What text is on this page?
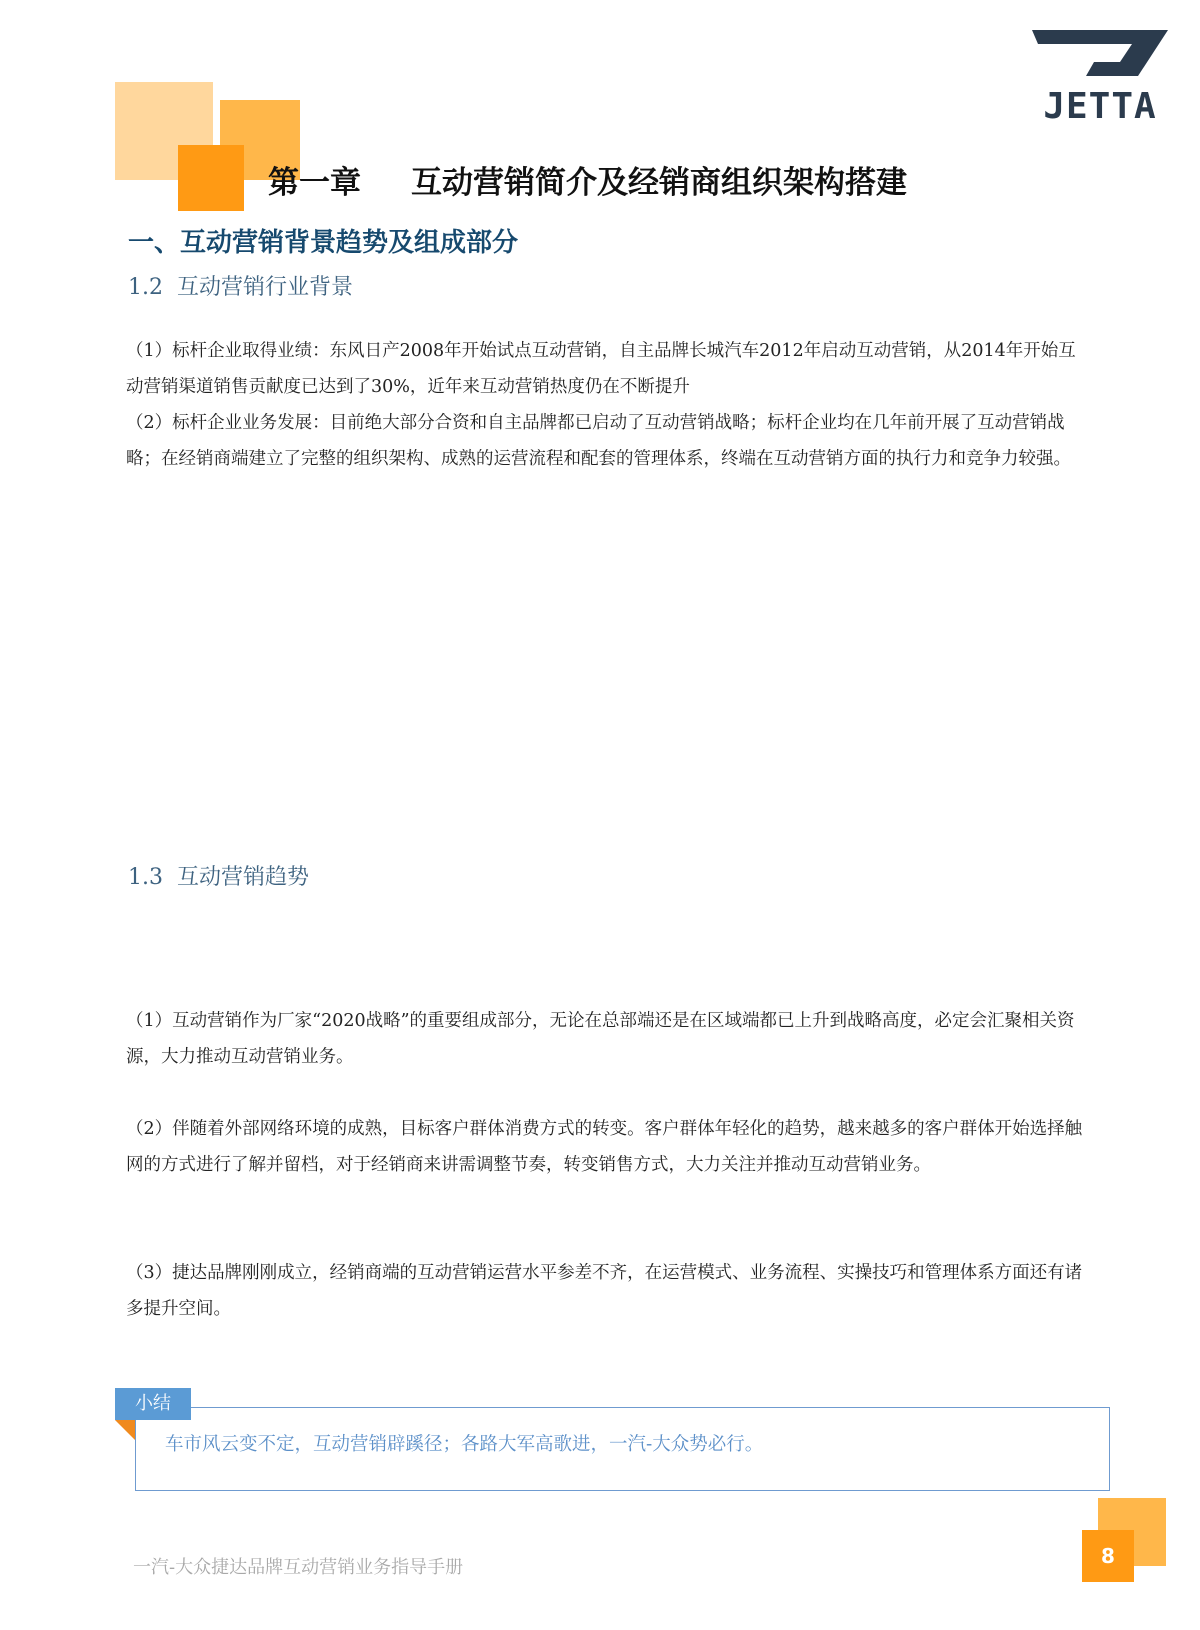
JETTA
第一章 互动营销简介及经销商组织架构搭建
一、互动营销背景趋势及组成部分
1.2 互动营销行业背景
（1）标杆企业取得业绩：东风日产2008年开始试点互动营销，自主品牌长城汽车2012年启动互动营销，从2014年开始互动营销渠道销售贡献度已达到了30%，近年来互动营销热度仍在不断提升
（2）标杆企业业务发展：目前绝大部分合资和自主品牌都已启动了互动营销战略；标杆企业均在几年前开展了互动营销战略；在经销商端建立了完整的组织架构、成熟的运营流程和配套的管理体系，终端在互动营销方面的执行力和竞争力较强。
1.3 互动营销趋势
（1）互动营销作为厂家“2020战略”的重要组成部分，无论在总部端还是在区域端都已上升到战略高度，必定会汇聚相关资源，大力推动互动营销业务。
（2）伴随着外部网络环境的成熟，目标客户群体消费方式的转变。客户群体年轻化的趋势，越来越多的客户群体开始选择触网的方式进行了解并留档，对于经销商来讲需调整节奏，转变销售方式，大力关注并推动互动营销业务。
（3）捷达品牌刚刚成立，经销商端的互动营销运营水平参差不齐，在运营模式、业务流程、实操技巧和管理体系方面还有诸多提升空间。
小结
车市风云变不定，互动营销辟蹊径；各路大军高歌进，一汽-大众势必行。
一汽-大众捷达品牌互动营销业务指导手册	8
